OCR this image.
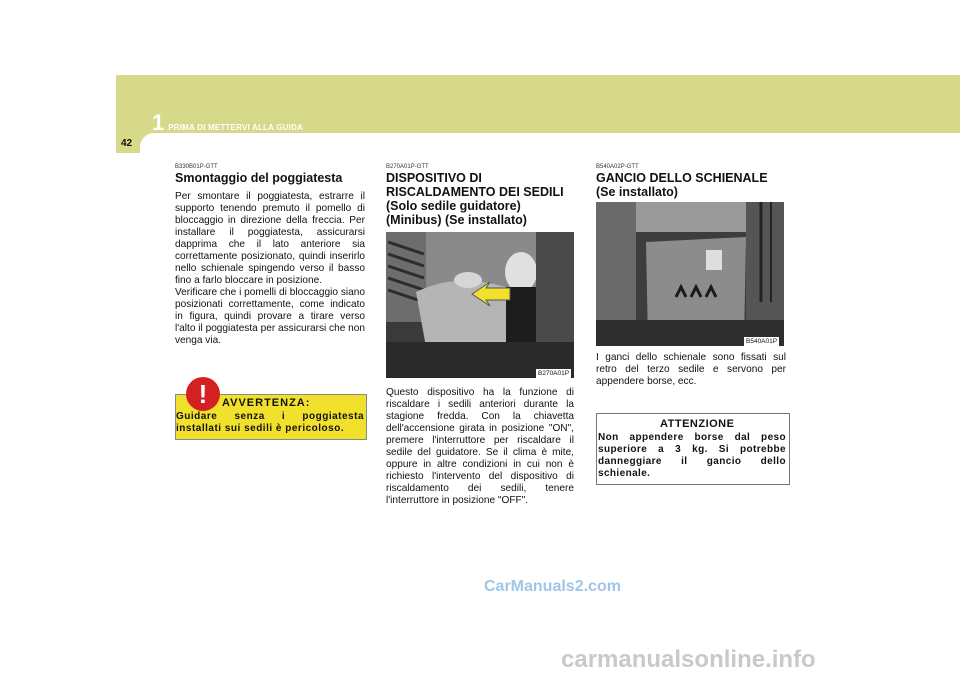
1 PRIMA DI METTERVI ALLA GUIDA
42
B330B01P-GTT
Smontaggio del poggiatesta

Per smontare il poggiatesta, estrarre il supporto tenendo premuto il pomello di bloccaggio in direzione della freccia. Per installare il poggiatesta, assicurarsi dapprima che il lato anteriore sia correttamente posizionato, quindi inserirlo nello schienale spingendo verso il basso fino a farlo bloccare in posizione.

Verificare che i pomelli di bloccaggio siano posizionati correttamente, come indicato in figura, quindi provare a tirare verso l'alto il poggiatesta per assicurarsi che non venga via.

!	AVVERTENZA:
Guidare senza i poggiatesta installati sui sedili è pericoloso.
B270A01P-GTT
DISPOSITIVO DI RISCALDAMENTO DEI SEDILI (Solo sedile guidatore) (Minibus) (Se installato)
B270A01P
Questo dispositivo ha la funzione di riscaldare i sedili anteriori durante la stagione fredda. Con la chiavetta dell'accensione girata in posizione "ON", premere l'interruttore per riscaldare il sedile del guidatore. Se il clima è mite, oppure in altre condizioni in cui non è richiesto l'intervento del dispositivo di riscaldamento dei sedili, tenere l'interruttore in posizione "OFF".
B540A02P-GTT
GANCIO DELLO SCHIENALE (Se installato)
B540A01P
I ganci dello schienale sono fissati sul retro del terzo sedile e servono per appendere borse, ecc.
ATTENZIONE
Non appendere borse dal peso superiore a 3 kg. Si potrebbe danneggiare il gancio dello schienale.
CarManuals2.com
carmanualsonline.info
